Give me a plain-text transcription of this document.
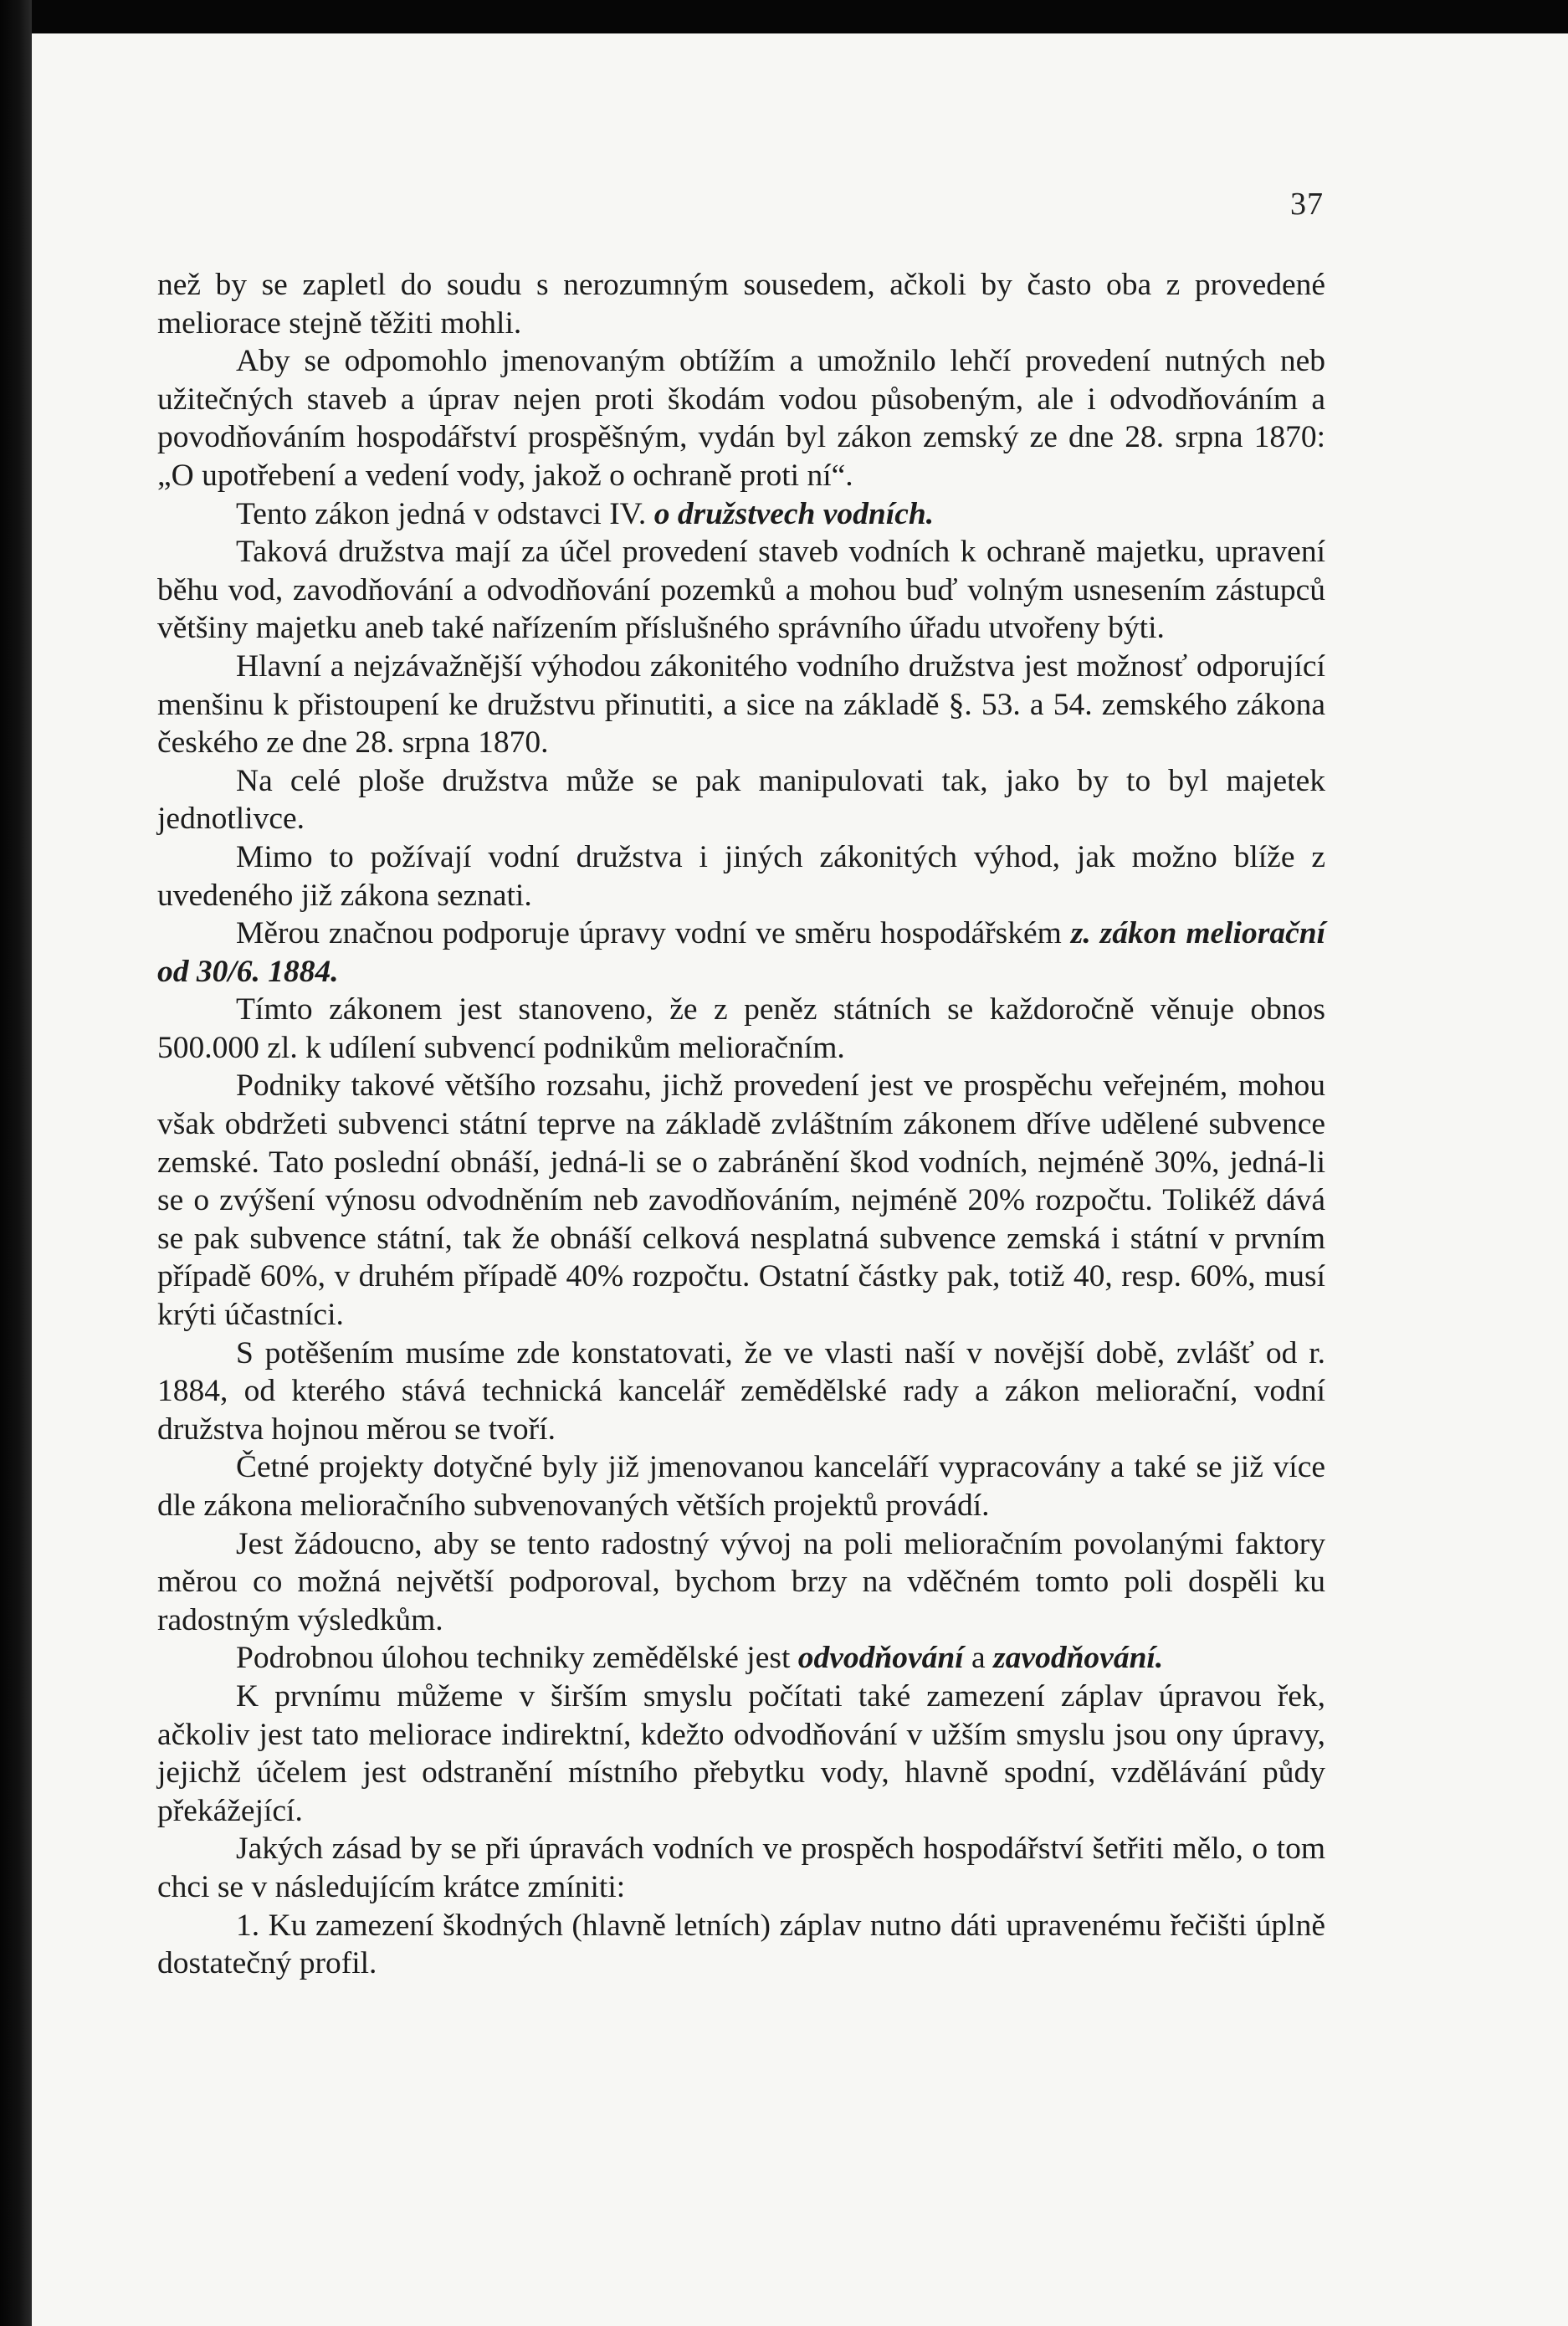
37

než by se zapletl do soudu s nerozumným sousedem, ačkoli by často oba z provedené meliorace stejně těžiti mohli.

Aby se odpomohlo jmenovaným obtížím a umožnilo lehčí provedení nutných neb užitečných staveb a úprav nejen proti škodám vodou působeným, ale i odvodňováním a povodňováním hospodářství prospěšným, vydán byl zákon zemský ze dne 28. srpna 1870: „O upotřebení a vedení vody, jakož o ochraně proti ní“.

Tento zákon jedná v odstavci IV. o družstvech vodních.

Taková družstva mají za účel provedení staveb vodních k ochraně majetku, upravení běhu vod, zavodňování a odvodňování pozemků a mohou buď volným usnesením zástupců většiny majetku aneb také nařízením příslušného správního úřadu utvořeny býti.

Hlavní a nejzávažnější výhodou zákonitého vodního družstva jest možnosť odporující menšinu k přistoupení ke družstvu přinutiti, a sice na základě §. 53. a 54. zemského zákona českého ze dne 28. srpna 1870.

Na celé ploše družstva může se pak manipulovati tak, jako by to byl majetek jednotlivce.

Mimo to požívají vodní družstva i jiných zákonitých výhod, jak možno blíže z uvedeného již zákona seznati.

Měrou značnou podporuje úpravy vodní ve směru hospodářském z. zákon meliorační od 30/6. 1884.

Tímto zákonem jest stanoveno, že z peněz státních se každoročně věnuje obnos 500.000 zl. k udílení subvencí podnikům melioračním.

Podniky takové většího rozsahu, jichž provedení jest ve prospěchu veřejném, mohou však obdržeti subvenci státní teprve na základě zvláštním zákonem dříve udělené subvence zemské. Tato poslední obnáší, jedná-li se o zabránění škod vodních, nejméně 30%, jedná-li se o zvýšení výnosu odvodněním neb zavodňováním, nejméně 20% rozpočtu. Tolikéž dává se pak subvence státní, tak že obnáší celková nesplatná subvence zemská i státní v prvním případě 60%, v druhém případě 40% rozpočtu. Ostatní částky pak, totiž 40, resp. 60%, musí krýti účastníci.

S potěšením musíme zde konstatovati, že ve vlasti naší v novější době, zvlášť od r. 1884, od kterého stává technická kancelář zemědělské rady a zákon meliorační, vodní družstva hojnou měrou se tvoří.

Četné projekty dotyčné byly již jmenovanou kanceláří vypracovány a také se již více dle zákona melioračního subvenovaných větších projektů provádí.

Jest žádoucno, aby se tento radostný vývoj na poli melioračním povolanými faktory měrou co možná největší podporoval, bychom brzy na vděčném tomto poli dospěli ku radostným výsledkům.

Podrobnou úlohou techniky zemědělské jest odvodňování a zavodňování.

K prvnímu můžeme v širším smyslu počítati také zamezení záplav úpravou řek, ačkoliv jest tato meliorace indirektní, kdežto odvodňování v užším smyslu jsou ony úpravy, jejichž účelem jest odstranění místního přebytku vody, hlavně spodní, vzdělávání půdy překážející.

Jakých zásad by se při úpravách vodních ve prospěch hospodářství šetřiti mělo, o tom chci se v následujícím krátce zmíniti:

1. Ku zamezení škodných (hlavně letních) záplav nutno dáti upravenému řečišti úplně dostatečný profil.
